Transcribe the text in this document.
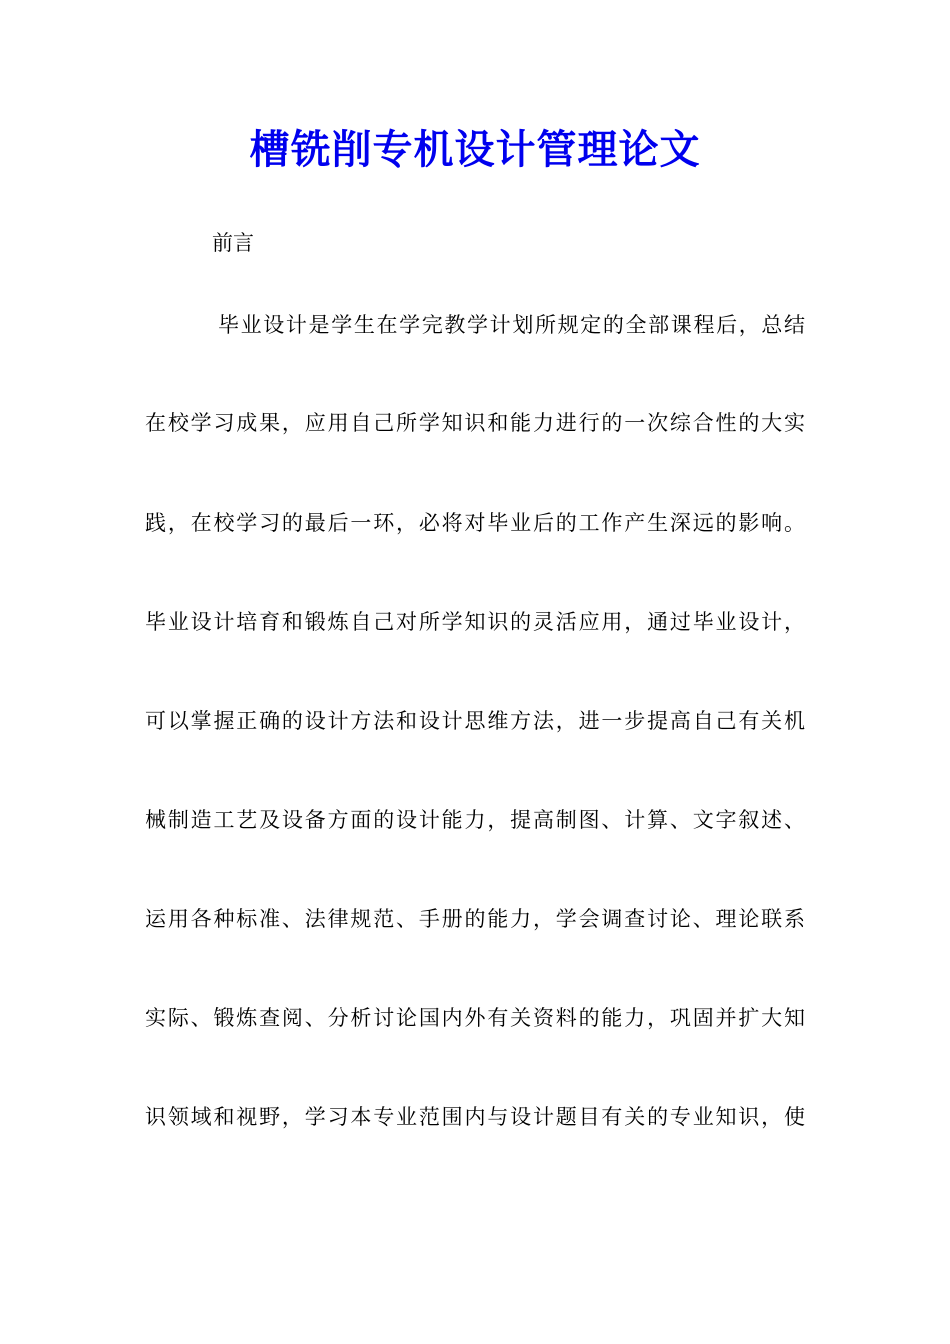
槽铣削专机设计管理论文
前言
毕业设计是学生在学完教学计划所规定的全部课程后，总结
在校学习成果，应用自己所学知识和能力进行的一次综合性的大实
践，在校学习的最后一环，必将对毕业后的工作产生深远的影响。
毕业设计培育和锻炼自己对所学知识的灵活应用，通过毕业设计，
可以掌握正确的设计方法和设计思维方法，进一步提高自己有关机
械制造工艺及设备方面的设计能力，提高制图、计算、文字叙述、
运用各种标准、法律规范、手册的能力，学会调查讨论、理论联系
实际、锻炼查阅、分析讨论国内外有关资料的能力，巩固并扩大知
识领域和视野，学习本专业范围内与设计题目有关的专业知识，使
